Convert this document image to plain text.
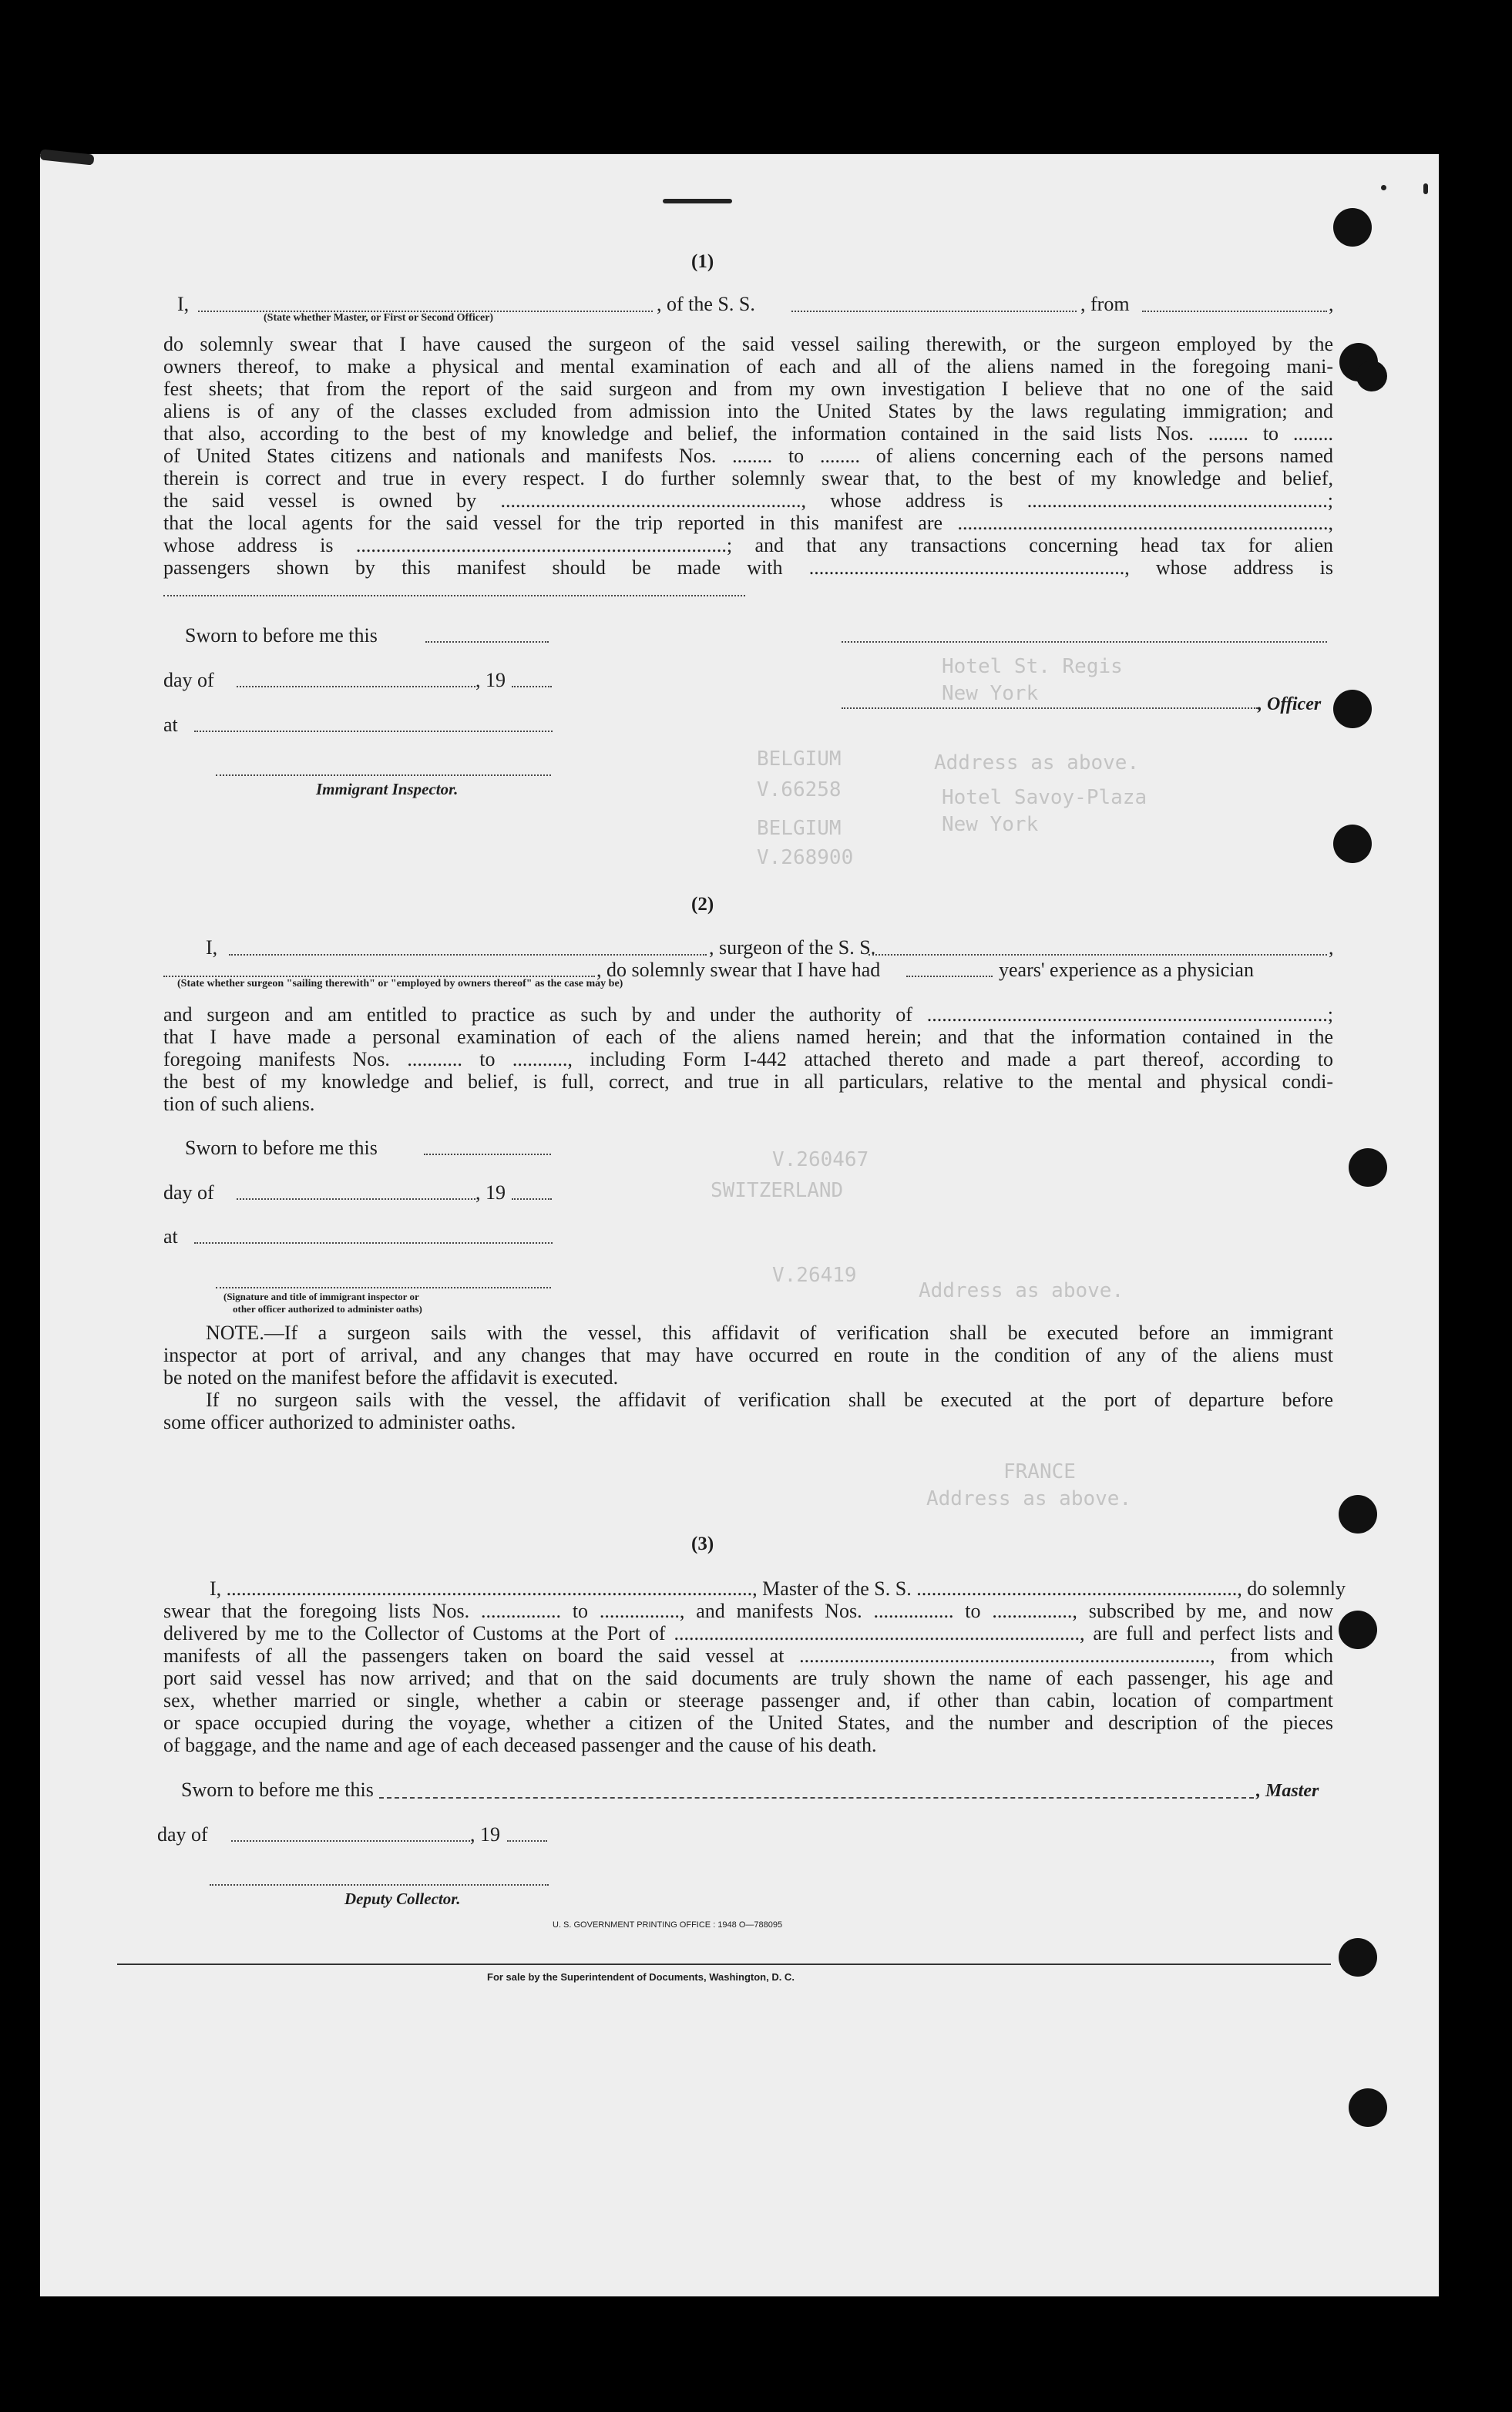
BELGIUM
V.66258
BELGIUM
V.268900
Hotel St. Regis
New York
Address as above.
Hotel Savoy-Plaza
New York
SWITZERLAND
V.260467
V.26419
Address as above.
FRANCE
Address as above.
(1)
I,	, of the S. S.	, from	,
(State whether Master, or First or Second Officer)
do solemnly swear that I have caused the surgeon of the said vessel sailing therewith, or the surgeon employed by the
owners thereof, to make a physical and mental examination of each and all of the aliens named in the foregoing mani-
fest sheets; that from the report of the said surgeon and from my own investigation I believe that no one of the said
aliens is of any of the classes excluded from admission into the United States by the laws regulating immigration; and
that also, according to the best of my knowledge and belief, the information contained in the said lists Nos. ........ to ........
of United States citizens and nationals and manifests Nos. ........ to ........ of aliens concerning each of the persons named
therein is correct and true in every respect. I do further solemnly swear that, to the best of my knowledge and belief,
the said vessel is owned by ............................................................, whose address is ............................................................;
that the local agents for the said vessel for the trip reported in this manifest are ..........................................................................,
whose address is ..........................................................................; and that any transactions concerning head tax for alien
passengers shown by this manifest should be made with ..............................................................., whose address is
Sworn to before me this
day of	, 19
, Officer
at
Immigrant Inspector.
(2)
I,	, surgeon of the S. S.	,
, do solemnly swear that I have had	years' experience as a physician
(State whether surgeon "sailing therewith" or "employed by owners thereof" as the case may be)
and surgeon and am entitled to practice as such by and under the authority of ................................................................................;
that I have made a personal examination of each of the aliens named herein; and that the information contained in the
foregoing manifests Nos. ........... to ..........., including Form I-442 attached thereto and made a part thereof, according to
the best of my knowledge and belief, is full, correct, and true in all particulars, relative to the mental and physical condi-
tion of such aliens.
Sworn to before me this
day of	, 19
at
(Signature and title of immigrant inspector or
other officer authorized to administer oaths)
NOTE.—If a surgeon sails with the vessel, this affidavit of verification shall be executed before an immigrant
inspector at port of arrival, and any changes that may have occurred en route in the condition of any of the aliens must
be noted on the manifest before the affidavit is executed.
If no surgeon sails with the vessel, the affidavit of verification shall be executed at the port of departure before
some officer authorized to administer oaths.
(3)
I, ........................................................................................................., Master of the S. S. ................................................................, do solemnly
swear that the foregoing lists Nos. ................ to ................, and manifests Nos. ................ to ................, subscribed by me, and now
delivered by me to the Collector of Customs at the Port of ................................................................................., are full and perfect lists and
manifests of all the passengers taken on board the said vessel at .................................................................................., from which
port said vessel has now arrived; and that on the said documents are truly shown the name of each passenger, his age and
sex, whether married or single, whether a cabin or steerage passenger and, if other than cabin, location of compartment
or space occupied during the voyage, whether a citizen of the United States, and the number and description of the pieces
of baggage, and the name and age of each deceased passenger and the cause of his death.
Sworn to before me this	, Master
day of	, 19
Deputy Collector.
U. S. GOVERNMENT PRINTING OFFICE : 1948 O—788095
For sale by the Superintendent of Documents, Washington, D. C.
